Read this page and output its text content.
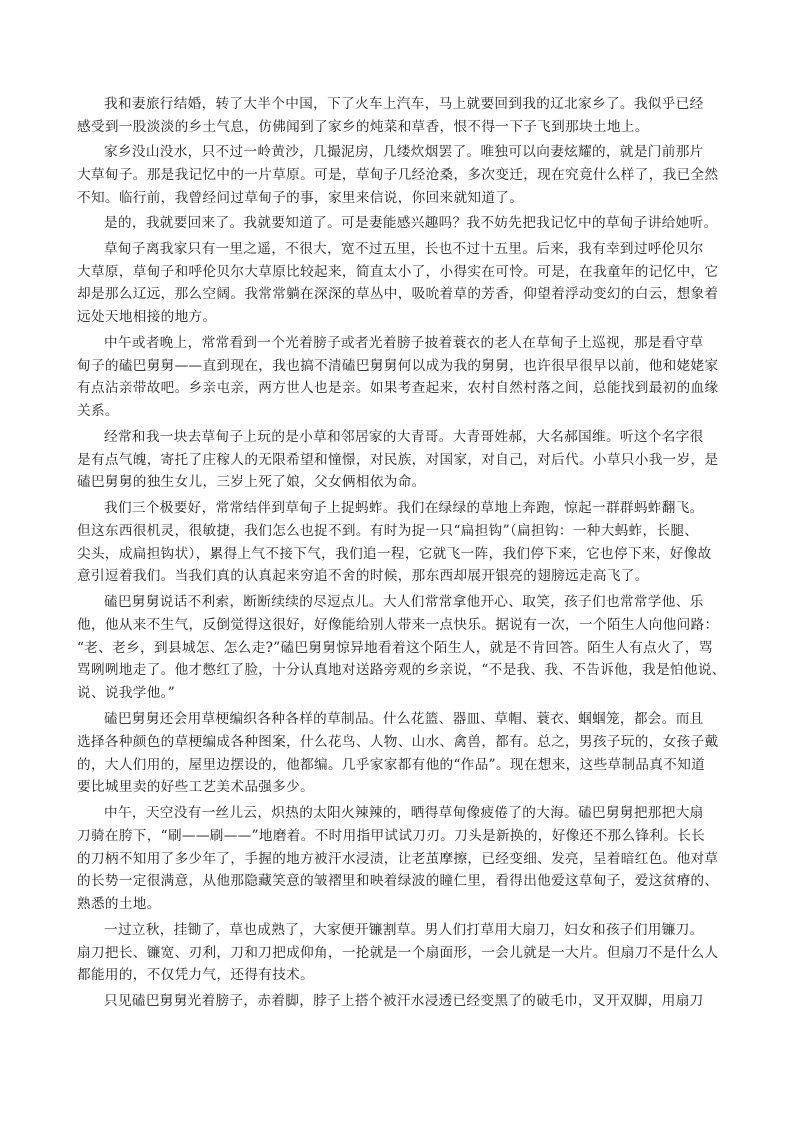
我和妻旅行结婚，转了大半个中国，下了火车上汽车，马上就要回到我的辽北家乡了。我似乎已经
感受到一股淡淡的乡土气息，仿佛闻到了家乡的炖菜和草香，恨不得一下子飞到那块土地上。
家乡没山没水，只不过一岭黄沙，几撮泥房，几缕炊烟罢了。唯独可以向妻炫耀的，就是门前那片
大草甸子。那是我记忆中的一片草原。可是，草甸子几经沧桑，多次变迁，现在究竟什么样了，我已全然
不知。临行前，我曾经问过草甸子的事，家里来信说，你回来就知道了。
是的，我就要回来了。我就要知道了。可是妻能感兴趣吗？我不妨先把我记忆中的草甸子讲给她听。
草甸子离我家只有一里之遥，不很大，宽不过五里，长也不过十五里。后来，我有幸到过呼伦贝尔
大草原，草甸子和呼伦贝尔大草原比较起来，简直太小了，小得实在可怜。可是，在我童年的记忆中，它
却是那么辽远，那么空阔。我常常躺在深深的草丛中，吸吮着草的芳香，仰望着浮动变幻的白云，想象着
远处天地相接的地方。
中午或者晚上，常常看到一个光着膀子或者光着膀子披着蓑衣的老人在草甸子上巡视，那是看守草
甸子的磕巴舅舅——直到现在，我也搞不清磕巴舅舅何以成为我的舅舅，也许很早很早以前，他和姥姥家
有点沾亲带故吧。乡亲屯亲，两方世人也是亲。如果考查起来，农村自然村落之间，总能找到最初的血缘
关系。
经常和我一块去草甸子上玩的是小草和邻居家的大青哥。大青哥姓郝，大名郝国维。听这个名字很
是有点气魄，寄托了庄稼人的无限希望和憧憬，对民族，对国家，对自己，对后代。小草只小我一岁，是
磕巴舅舅的独生女儿，三岁上死了娘，父女俩相依为命。
我们三个极要好，常常结伴到草甸子上捉蚂蚱。我们在绿绿的草地上奔跑，惊起一群群蚂蚱翻飞。
但这东西很机灵，很敏捷，我们怎么也捉不到。有时为捉一只“扁担钩”（扁担钩：一种大蚂蚱，长腿、
尖头，成扁担钩状），累得上气不接下气，我们追一程，它就飞一阵，我们停下来，它也停下来，好像故
意引逗着我们。当我们真的认真起来穷追不舍的时候，那东西却展开银亮的翅膀远走高飞了。
磕巴舅舅说话不利索，断断续续的尽逗点儿。大人们常常拿他开心、取笑，孩子们也常常学他、乐
他，他从来不生气，反倒觉得这很好，好像能给别人带来一点快乐。据说有一次，一个陌生人向他问路：
“老、老乡，到县城怎、怎么走?”磕巴舅舅惊异地看着这个陌生人，就是不肯回答。陌生人有点火了，骂
骂咧咧地走了。他才憋红了脸，十分认真地对送路旁观的乡亲说，“不是我、我、不告诉他，我是怕他说、
说、说我学他。”
磕巴舅舅还会用草梗编织各种各样的草制品。什么花篮、器皿、草帽、蓑衣、蝈蝈笼，都会。而且
选择各种颜色的草梗编成各种图案，什么花鸟、人物、山水、禽兽，都有。总之，男孩子玩的，女孩子戴
的，大人们用的，屋里边摆设的，他都编。几乎家家都有他的“作品”。现在想来，这些草制品真不知道
要比城里卖的好些工艺美术品强多少。
中午，天空没有一丝儿云，炽热的太阳火辣辣的，晒得草甸像疲倦了的大海。磕巴舅舅把那把大扇
刀骑在胯下，“刷——刷——”地磨着。不时用指甲试试刀刃。刀头是新换的，好像还不那么锋利。长长
的刀柄不知用了多少年了，手握的地方被汗水浸渍，让老茧摩擦，已经变细、发亮，呈着暗红色。他对草
的长势一定很满意，从他那隐藏笑意的皱褶里和映着绿波的瞳仁里，看得出他爱这草甸子，爱这贫瘠的、
熟悉的土地。
一过立秋，挂锄了，草也成熟了，大家便开镰割草。男人们打草用大扇刀，妇女和孩子们用镰刀。
扇刀把长、镰宽、刃利，刀和刀把成仰角，一抡就是一个扇面形，一会儿就是一大片。但扇刀不是什么人
都能用的，不仅凭力气，还得有技术。
只见磕巴舅舅光着膀子，赤着脚，脖子上搭个被汗水浸透已经变黑了的破毛巾，叉开双脚，用扇刀
